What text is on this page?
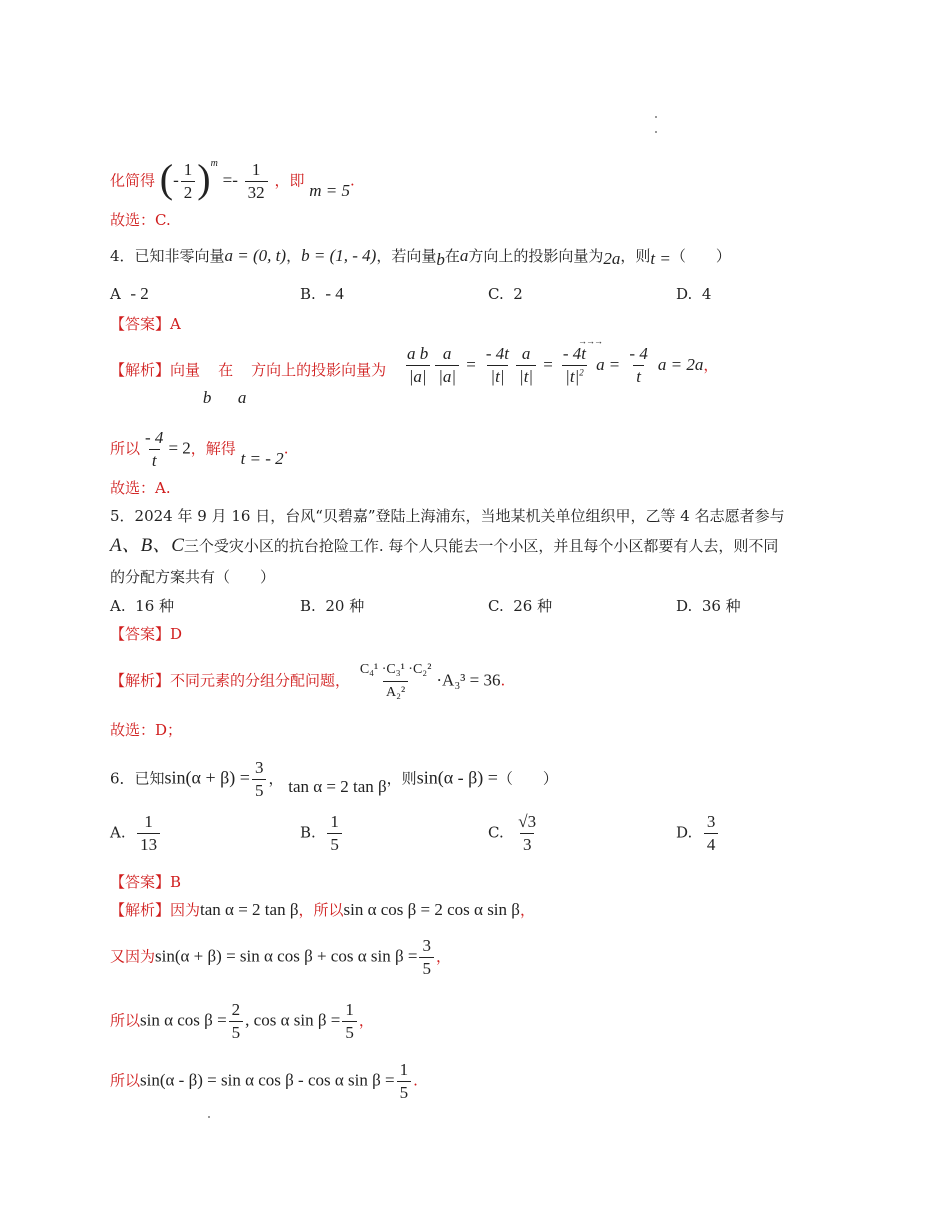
化简得 (- $\frac{1}{2} )^m =- \frac{1}{32}$ ，即 m = 5.
故选：C.
4．已知非零向量a = (0, t)，b = (1, - 4)，若向量b在a方向上的投影向量为2a，则t =（　　）
A - 2	B. - 4	C. 2	D. 4
【答案】A
【解析】向量 b 在 a 方向上的投影向量为 $\frac{\text{a b}}{|a|} \frac{a}{|a|} = \frac{- 4t}{|t|} \frac{a}{|t|} = \frac{- 4t}{|t|^2}$ $a = \frac{- 4}{t}$ a = 2a，
→→→
所以 $\frac{- 4}{t} = 2$，解得 t = - 2.
故选：A.
5．2024 年 9 月 16 日，台风“贝碧嘉”登陆上海浦东，当地某机关单位组织甲，乙等 4 名志愿者参与
A、B、C三个受灾小区的抗台抢险工作. 每个人只能去一个小区，并且每个小区都要有人去，则不同
的分配方案共有（　　）
A. 16 种	B. 20 种	C. 26 种	D. 36 种
【答案】D
【解析】不同元素的分组分配问题， $\frac{\text{C₄¹ ·C₃¹ ·C₂²}}{\text{A₂²}} \cdot A_3^3 = 36$.
故选：D；
6．已知$\sin(\alpha + \beta) = \frac{3}{5}$ ， tan α = 2 tan β，则sin(α - β) =（　　）
A. $\frac{1}{13}$	B. $\frac{1}{5}$	C. $\frac{√3}{3}$	D. $\frac{3}{4}$
【答案】B
【解析】因为tan α = 2 tan β，所以sin α cos β = 2 cos α sin β，
又因为sin(α + β) = sin α cos β + cos α $\sin \beta = \frac{3}{5}$ ，
所以sin α $\cos \beta = \frac{2}{5}$ , cos α $\sin \beta = \frac{1}{5}$ ，
所以sin(α - β) = sin α cos β - cos α $\sin \beta = \frac{1}{5}$ .
